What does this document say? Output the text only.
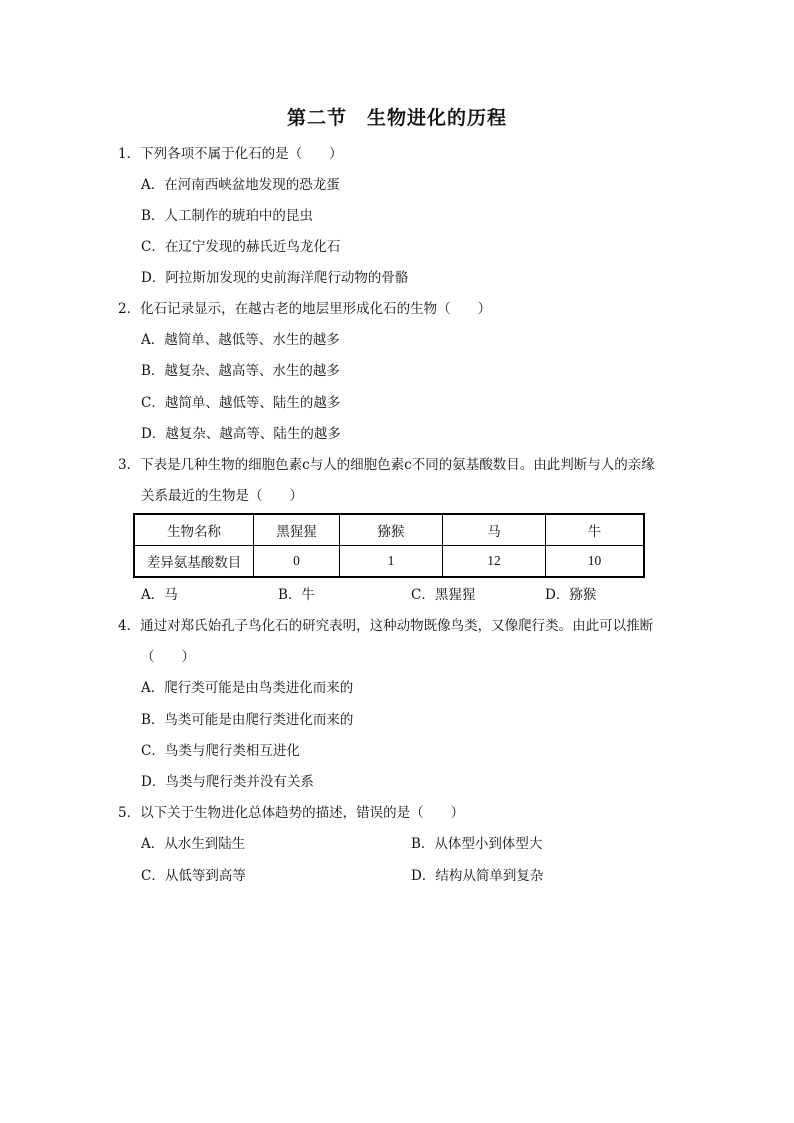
第二节　生物进化的历程
1．下列各项不属于化石的是（　　）
A．在河南西峡盆地发现的恐龙蛋
B．人工制作的琥珀中的昆虫
C．在辽宁发现的赫氏近鸟龙化石
D．阿拉斯加发现的史前海洋爬行动物的骨骼
2．化石记录显示，在越古老的地层里形成化石的生物（　　）
A．越简单、越低等、水生的越多
B．越复杂、越高等、水生的越多
C．越简单、越低等、陆生的越多
D．越复杂、越高等、陆生的越多
3．下表是几种生物的细胞色素c与人的细胞色素c不同的氨基酸数目。由此判断与人的亲缘
关系最近的生物是（　　）
生物名称	黑猩猩	猕猴	马	牛
差异氨基酸数目	0	1	12	10
A．马	B．牛	C．黑猩猩	D．猕猴
4．通过对郑氏始孔子鸟化石的研究表明，这种动物既像鸟类，又像爬行类。由此可以推断
（　　）
A．爬行类可能是由鸟类进化而来的
B．鸟类可能是由爬行类进化而来的
C．鸟类与爬行类相互进化
D．鸟类与爬行类并没有关系
5．以下关于生物进化总体趋势的描述，错误的是（　　）
A．从水生到陆生	B．从体型小到体型大
C．从低等到高等	D．结构从简单到复杂
